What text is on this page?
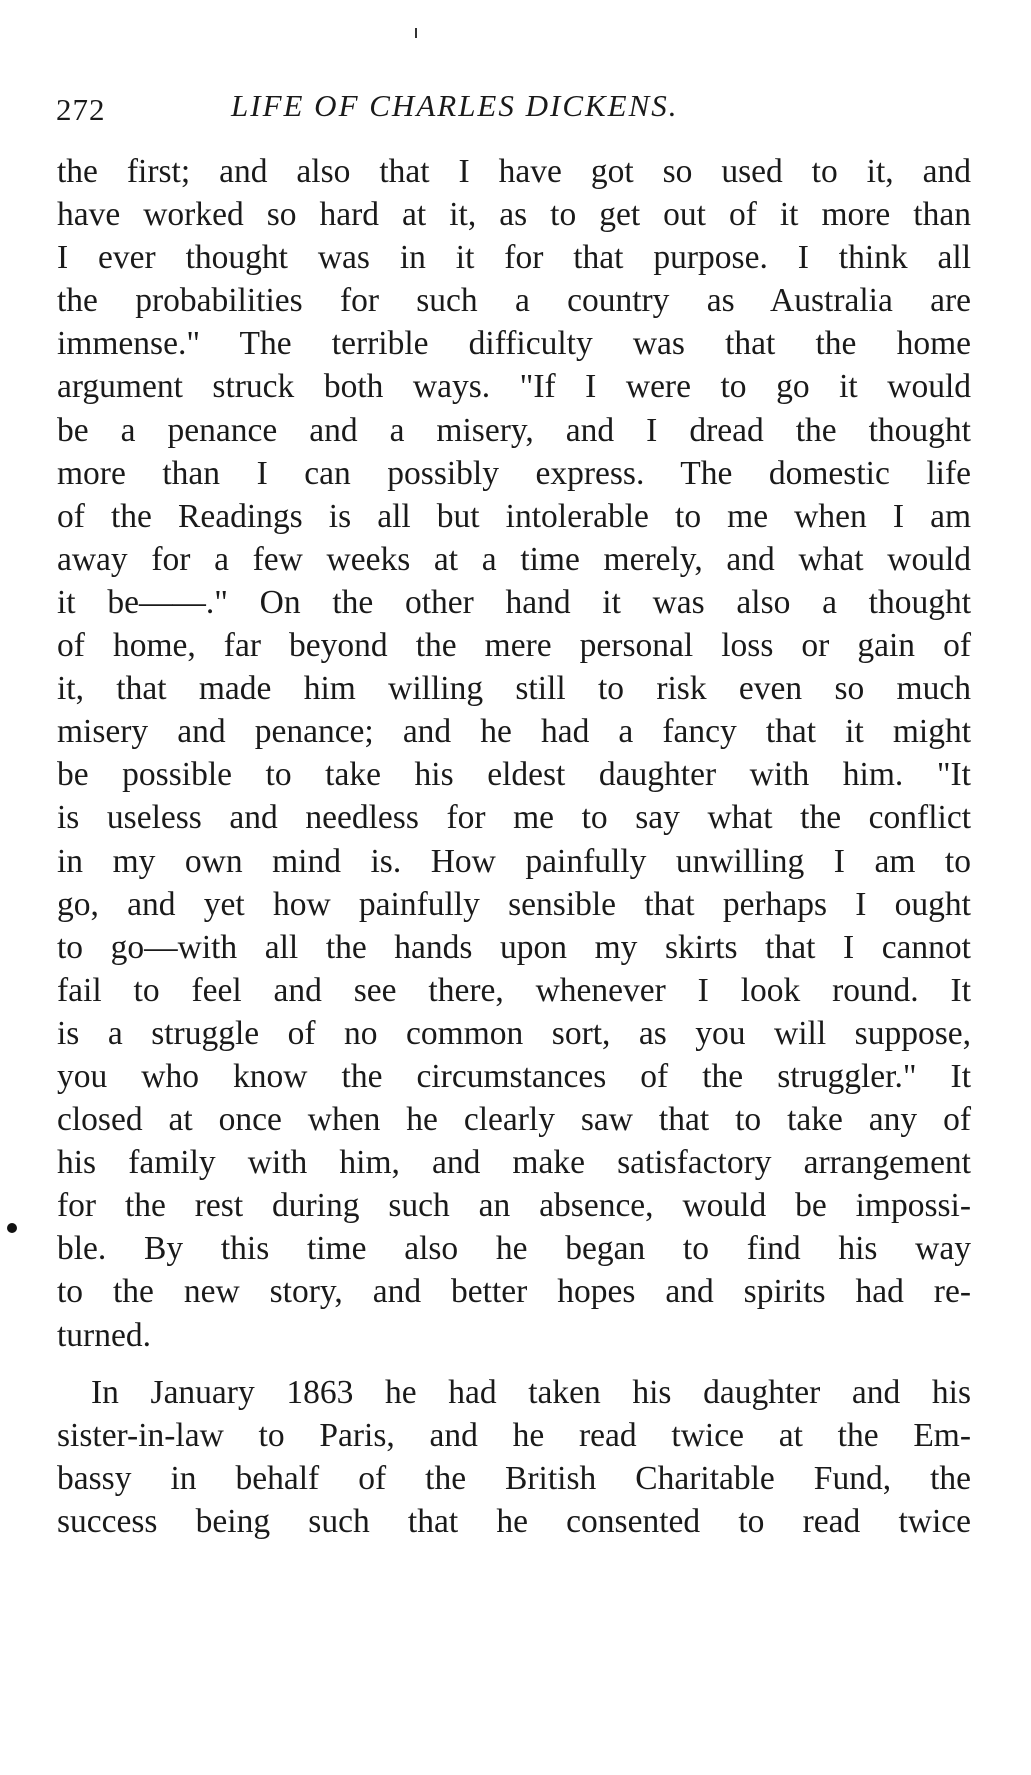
272	LIFE OF CHARLES DICKENS.
the first; and also that I have got so used to it, and
have worked so hard at it, as to get out of it more than
I ever thought was in it for that purpose. I think all
the probabilities for such a country as Australia are
immense." The terrible difficulty was that the home
argument struck both ways. "If I were to go it would
be a penance and a misery, and I dread the thought
more than I can possibly express. The domestic life
of the Readings is all but intolerable to me when I am
away for a few weeks at a time merely, and what would
it be——." On the other hand it was also a thought
of home, far beyond the mere personal loss or gain of
it, that made him willing still to risk even so much
misery and penance; and he had a fancy that it might
be possible to take his eldest daughter with him. "It
is useless and needless for me to say what the conflict
in my own mind is. How painfully unwilling I am to
go, and yet how painfully sensible that perhaps I ought
to go—with all the hands upon my skirts that I cannot
fail to feel and see there, whenever I look round. It
is a struggle of no common sort, as you will suppose,
you who know the circumstances of the struggler." It
closed at once when he clearly saw that to take any of
his family with him, and make satisfactory arrangement
for the rest during such an absence, would be impossi-
ble. By this time also he began to find his way
to the new story, and better hopes and spirits had re-
turned.
In January 1863 he had taken his daughter and his
sister-in-law to Paris, and he read twice at the Em-
bassy in behalf of the British Charitable Fund, the
success being such that he consented to read twice
